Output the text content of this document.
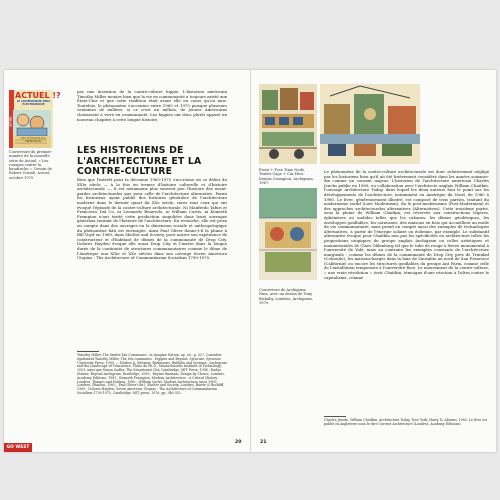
ACTUEL !?
ACTUEL
LE COMMUNISME SERA ELECTRONIQUE
TOUT LE POUVOIR AUX ORDINATEURS

Couverture du premier numéro de la nouvelle série de Actuel, « Les rouages contre la baudruche ». Dessin de Robert Crumb. Actuel, octobre 1970.

pas une invention de la contre-culture hippie. L'historien américain Timothy Miller montre bien que la vie en communauté a toujours existé aux États-Unis et que cette tradition était avant elle en cours qu'on nuis. Toutefois, le phénomène s'accentue entre 1965 et 1975 puisque plusieurs centaines de milliers, si ce n'est un million, de jeunes Américains choisissent à vivre en communauté. Les hippies ont donc plutôt apposé un nouveau chapitre à cette longue histoire.

LES HISTORIENS DE L'ARCHITECTURE ET LA CONTRE-CULTURE

Bien que l'intérêt pour la décennie 1965-1975 s'accroisse en ce début du XXIe siècle — à la fois en termes d'histoire culturelle et d'histoire architecturale —, il est néanmoins plus souvent peu l'histoire des avant-gardes architecturales que pour celle de l'architecture alternative. Parmi les historiens ayant publié des histoires générales de l'architecture moderne dans le dernier quart du XXe siècle, rares sont ceux qui ont évoqué l'épisode de la contre-culture architecturale. Ni Manfredo Tafuri et Francesco Dal Co, ni Leonardo Benevolo, ni William Curtis, ni Kenneth Frampton n'ont traité cette production singulière dans leurs ouvrages généraux traitant de l'histoire de l'architecture. En revanche, elle est prise en compte dans des ouvrages en la dimension sociale et anthropologique du phénomène bâti est envisagée. Ainsi Paul Oliver donne-t-il la plume à Bill Voyd en 1969, dans Shelter and Society, pour narrer son expérience de constructeur et d'habitant de dômes de la communauté de Drop City. Dolores Hayden évoque elle aussi Drop City et l'insère dans la longue durée de la continuité de structures communautaires comme le dôme de l'Amérique aux XIXe et XXe siècles dans son ouvrage Seven American Utopias : The Architecture of Communitarian Socialism 1790-1975.

Timothy Miller, The Sixties Era Communes : in Imagine Nation, op. cit., p. 327. Consulter également Timothy Miller, The 60s communes : Hippies and Beyond, Syracuse, Syracuse University Press, 1999. — Harbor A. Stetsner, Bathrooms, Bubbles and Systems : Archigram and the Landscape of Transience. Thèse de Ph.D., Massachusetts Institute of Technology, 2001, ainsi que Simon Sadler, The Situationist City, Cambridge, MIT Press, 1998 ; Hadas Steiner, Beyond Archigram, Routledge, 2009 ; Reyner Banham, Design by Choice, Londres, Academy Editions, 1981 ; Kenneth Frampton, Modern Architecture : A Critical History, Londres, Thames and Hudson, 1980 ; William Curtis, Modern Architecture since 1900, Londres, Phaidon, 1982 ; Paul Oliver (dir.), Shelter and Society, Londres, Barrie & Rockliff, 1969 ; Dolores Hayden, Seven American Utopias : The Architecture of Communitarian Socialism 1790-1975, Cambridge, MIT press, 1976, pp. 346-352.

20
GO WEST

Front + Free Time Node, Trailer Cage + Car Hive, Dennis Crompton, Archigram, 1967.

Couverture de Archigram Nine, avec un dessin de Tony Rickaby. Londres, Archigram, 1970.

Le phénomène de la contre-culture architecturale est donc relativement négligé par les historiens bien qu'il ait été brièvement considéré dans les années soixante-dix comme un courant majeur. L'historien de l'architecture américain Charles Jencks publie en 1969, en collaboration avec l'architecte anglais William Chaitkin, l'ouvrage Architecture Today, dans lequel les deux auteurs font le point sur les développements de l'architecture, notamment en Amérique du Nord, de 1960 à 1980. Le livre, généreusement illustré, est composé de trois parties, traitant du modernisme tardif (Late Modernism), du le post-modernisme (Post-Modernism) et des approches architecturales alternatives (Alternatives). Cette troisième partie, sous la plume de William Chaitkin, est réservée aux constructions légères, éphémères ou mobiles telles que les cabanes, les dômes géodésiques, les enveloppes gonflables, les caravanes, des maisons en bois qui accueillent un mode de vie communautaire, mais prend en compte aussi des exemples de technologies alternatives, à partir de l'énergie solaire ou éolienne, par exemple. Le substantif alternative évoque pour Chaitkin non pas les spécificités en architecture telles les propositions utopiques du groupe anglais Archigram ou celles artistiques et monumentales de Claes Oldenburg tel que le tube de rouge à lèvres monumental à l'université de Yale, mais au contraire les exemples constants de l'architecture marginale : comme les dômes de la communauté de Drop City près de Trinidad (Colorado), les maisons-barges dans la baie de Sausalito au nord de San Francisco (Californie) ou encore les structures gonflables du groupe Ant Farm, comme celle de l'installation temporaire à l'université Rice. Le mouvement de la contre-culture, « une vraie révolution » écrit Chaitkin, témoigne d'une réaction à l'ultra contre le capitalisme, comme

Charles Jencks, William Chaitkin, Architecture Today, New York, Harry N. Abrams, 1982. Le livre est publié en Angleterre sous le titre Current Architecture (Londres, Academy Editions).

21
